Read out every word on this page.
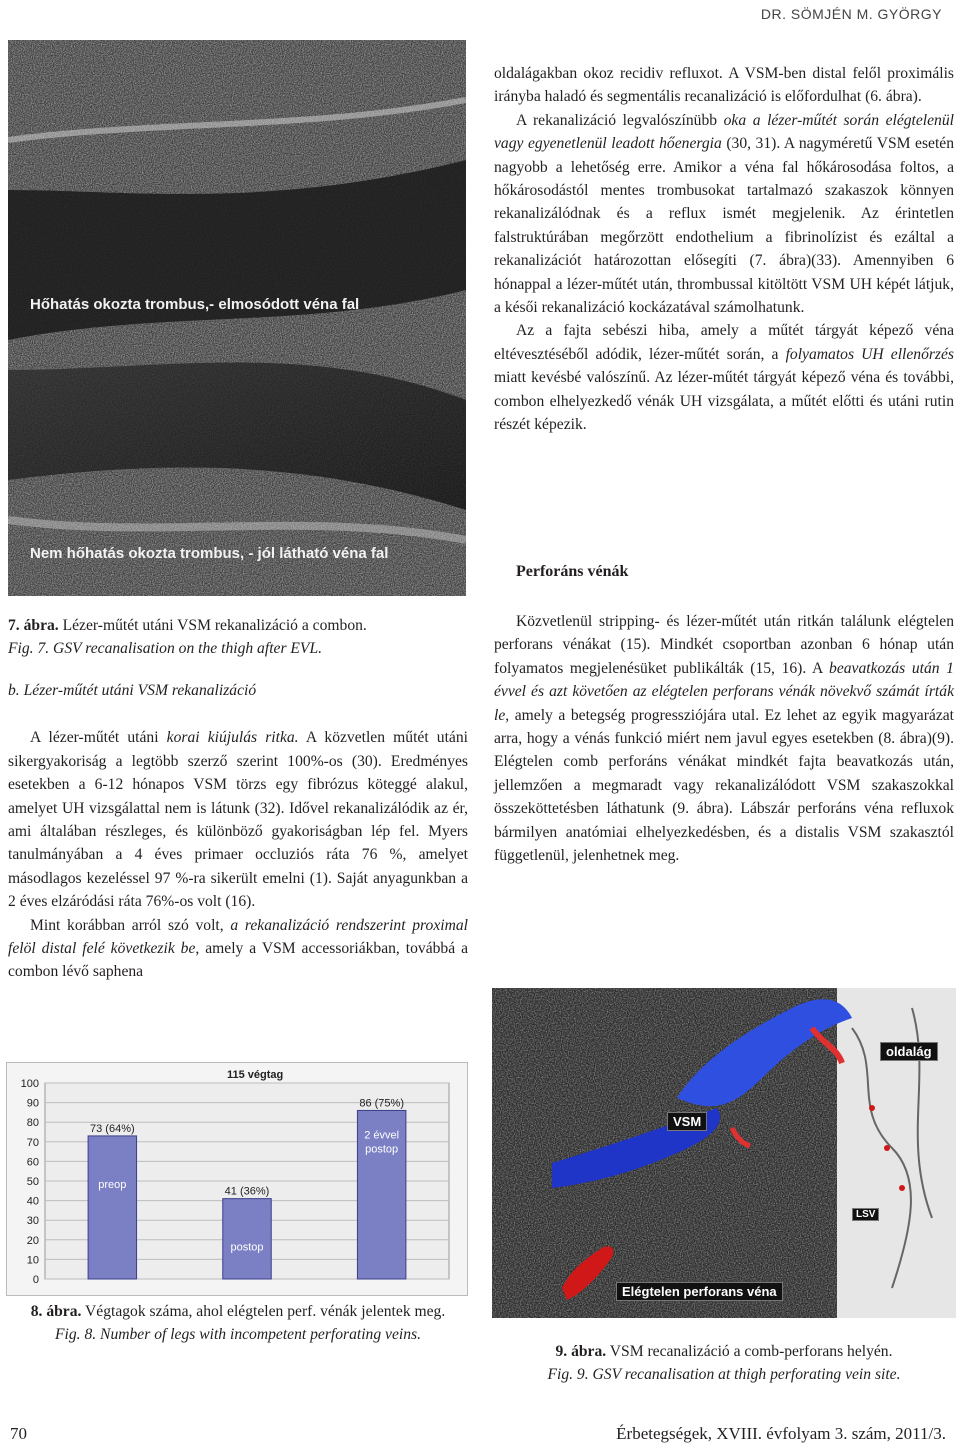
DR. SÖMJÉN M. GYÖRGY
Hőhatás okozta trombus,- elmosódott véna fal
Nem hőhatás okozta trombus, - jól látható véna fal
7. ábra. Lézer-műtét utáni VSM rekanalizáció a combon.
Fig. 7. GSV recanalisation on the thigh after EVL.

b. Lézer-műtét utáni VSM rekanalizáció

A lézer-műtét utáni korai kiújulás ritka. A közvetlen műtét utáni sikergyakoriság a legtöbb szerző szerint 100%-os (30). Eredményes esetekben a 6-12 hónapos VSM törzs egy fibrózus köteggé alakul, amelyet UH vizsgálattal nem is látunk (32). Idővel rekanalizálódik az ér, ami általában részleges, és különböző gyakoriságban lép fel. Myers tanulmányában a 4 éves primaer occluziós ráta 76 %, amelyet másodlagos kezeléssel 97 %-ra sikerült emelni (1). Saját anyagunkban a 2 éves elzáródási ráta 76%-os volt (16).

Mint korábban arról szó volt, a rekanalizáció rendszerint proximal felöl distal felé következik be, amely a VSM accessoriákban, továbbá a combon lévő saphena

oldalágakban okoz recidiv refluxot. A VSM-ben distal felől proximális irányba haladó és segmentális recanalizáció is előfordulhat (6. ábra).

A rekanalizáció legvalószínübb oka a lézer-műtét során elégtelenül vagy egyenetlenül leadott hőenergia (30, 31). A nagyméretű VSM esetén nagyobb a lehetőség erre. Amikor a véna fal hőkárosodása foltos, a hőkárosodástól mentes trombusokat tartalmazó szakaszok könnyen rekanalizálódnak és a reflux ismét megjelenik. Az érintetlen falstruktúrában megőrzött endothelium a fibrinolízist és ezáltal a rekanalizációt határozottan elősegíti (7. ábra)(33). Amennyiben 6 hónappal a lézer-műtét után, thrombussal kitöltött VSM UH képét látjuk, a késői rekanalizáció kockázatával számolhatunk.

Az a fajta sebészi hiba, amely a műtét tárgyát képező véna eltévesztéséből adódik, lézer-műtét során, a folyamatos UH ellenőrzés miatt kevésbé valószínű. Az lézer-műtét tárgyát képező véna és további, combon elhelyezkedő vénák UH vizsgálata, a műtét előtti és utáni rutin részét képezik.

Perforáns vénák

Közvetlenül stripping- és lézer-műtét után ritkán találunk elégtelen perforans vénákat (15). Mindkét csoportban azonban 6 hónap után folyamatos megjelenésüket publikálták (15, 16). A beavatkozás után 1 évvel és azt követően az elégtelen perforans vénák növekvő számát írták le, amely a betegség progressziójára utal. Ez lehet az egyik magyarázat arra, hogy a vénás funkció miért nem javul egyes esetekben (8. ábra)(9). Elégtelen comb perforáns vénákat mindkét fajta beavatkozás után, jellemzően a megmaradt vagy rekanalizálódott VSM szakaszokkal összeköttetésben láthatunk (9. ábra). Lábszár perforáns véna refluxok bármilyen anatómiai elhelyezkedésben, és a distalis VSM szakasztól függetlenül, jelenhetnek meg.

0
10
20
30
40
50
60
70
80
90
100
73 (64%)
preop
41 (36%)
postop
86 (75%)
2 évvel
postop
115 végtag
8. ábra. Végtagok száma, ahol elégtelen perf. vénák jelentek meg.
Fig. 8. Number of legs with incompetent perforating veins.
oldalág
VSM
Elégtelen perforans véna
LSV
9. ábra. VSM recanalizáció a comb-perforans helyén.
Fig. 9. GSV recanalisation at thigh perforating vein site.
70	Érbetegségek, XVIII. évfolyam 3. szám, 2011/3.
